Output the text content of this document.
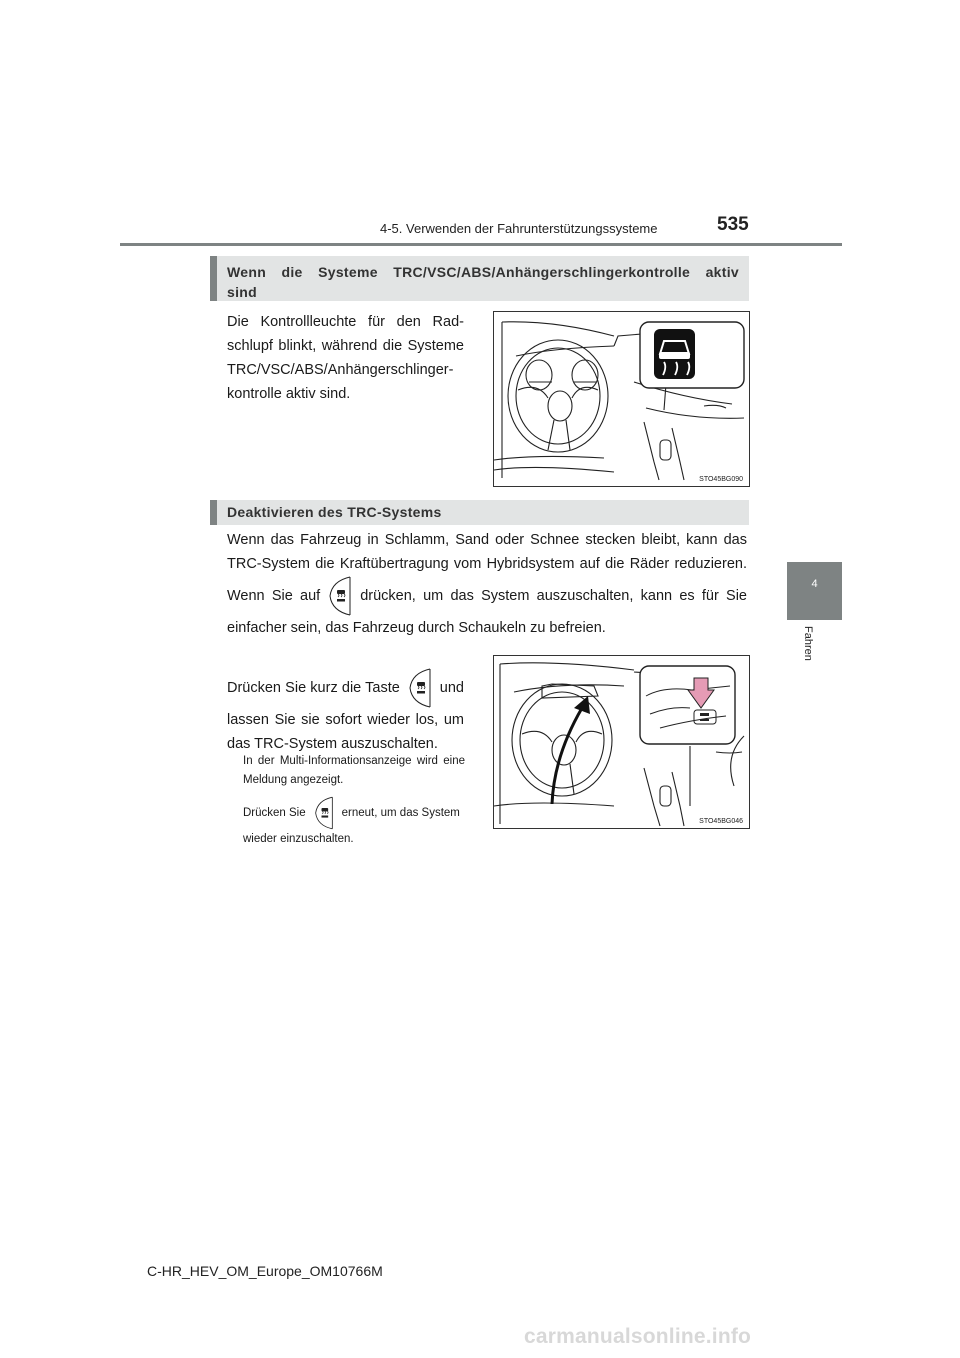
4-5. Verwenden der Fahrunterstützungssysteme	535
4
Fahren
Wenn die Systeme TRC/VSC/ABS/Anhängerschlingerkontrolle aktiv
sind
Die Kontrollleuchte für den Radschlupf blinkt, während die Systeme TRC/VSC/ABS/Anhängerschlingerkontrolle aktiv sind.
STO45BG090
Deaktivieren des TRC-Systems
Wenn das Fahrzeug in Schlamm, Sand oder Schnee stecken bleibt, kann das TRC-System die Kraftübertragung vom Hybridsystem auf die Räder reduzieren. Wenn Sie auf	drücken, um das System auszuschalten, kann es für Sie einfacher sein, das Fahrzeug durch Schaukeln zu befreien.
Drücken Sie kurz die Taste	und lassen Sie sie sofort wieder los, um das TRC-System auszuschalten.
In der Multi-Informationsanzeige wird eine Meldung angezeigt.
Drücken Sie	erneut, um das System wieder einzuschalten.
STO45BG046
C-HR_HEV_OM_Europe_OM10766M
carmanualsonline.info
